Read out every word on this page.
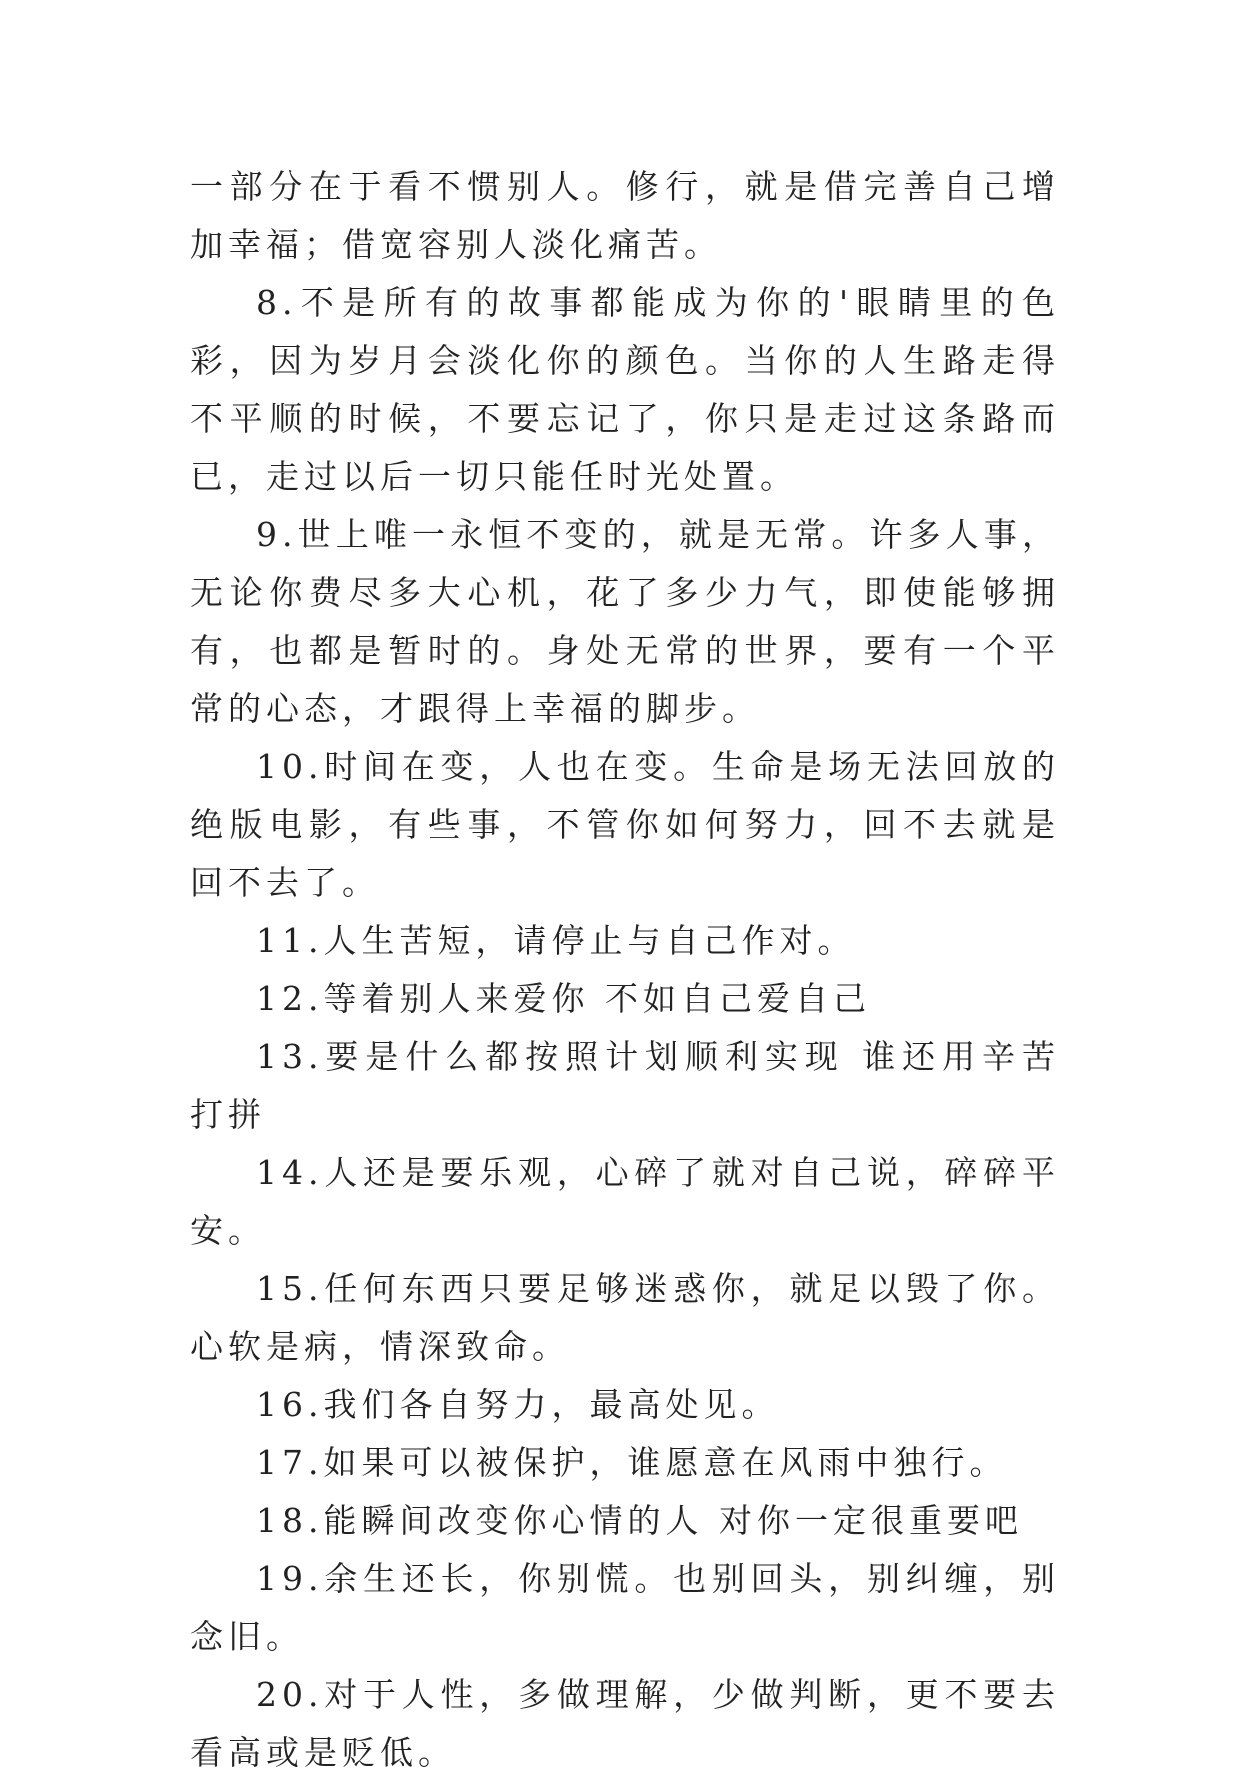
一部分在于看不惯别人。修行，就是借完善自己增加幸福；借宽容别人淡化痛苦。

8.不是所有的故事都能成为你的'眼睛里的色彩，因为岁月会淡化你的颜色。当你的人生路走得不平顺的时候，不要忘记了，你只是走过这条路而已，走过以后一切只能任时光处置。

9.世上唯一永恒不变的，就是无常。许多人事，无论你费尽多大心机，花了多少力气，即使能够拥有，也都是暂时的。身处无常的世界，要有一个平常的心态，才跟得上幸福的脚步。

10.时间在变，人也在变。生命是场无法回放的绝版电影，有些事，不管你如何努力，回不去就是回不去了。

11.人生苦短，请停止与自己作对。

12.等着别人来爱你 不如自己爱自己

13.要是什么都按照计划顺利实现 谁还用辛苦打拼

14.人还是要乐观，心碎了就对自己说，碎碎平安。

15.任何东西只要足够迷惑你，就足以毁了你。心软是病，情深致命。

16.我们各自努力，最高处见。

17.如果可以被保护，谁愿意在风雨中独行。

18.能瞬间改变你心情的人 对你一定很重要吧

19.余生还长，你别慌。也别回头，别纠缠，别念旧。

20.对于人性，多做理解，少做判断，更不要去看高或是贬低。
